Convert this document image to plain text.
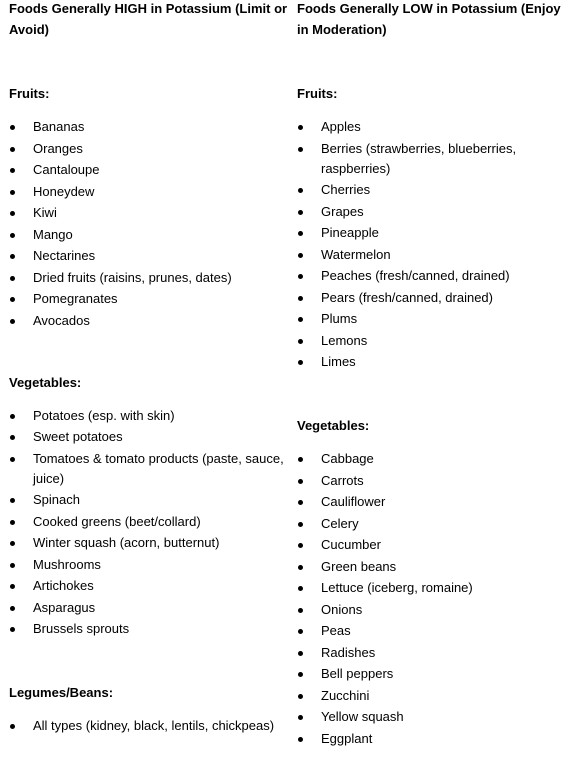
Foods Generally HIGH in Potassium (Limit or Avoid)
Fruits:
Bananas
Oranges
Cantaloupe
Honeydew
Kiwi
Mango
Nectarines
Dried fruits (raisins, prunes, dates)
Pomegranates
Avocados
Vegetables:
Potatoes (esp. with skin)
Sweet potatoes
Tomatoes & tomato products (paste, sauce, juice)
Spinach
Cooked greens (beet/collard)
Winter squash (acorn, butternut)
Mushrooms
Artichokes
Asparagus
Brussels sprouts
Legumes/Beans:
All types (kidney, black, lentils, chickpeas)
Foods Generally LOW in Potassium (Enjoy in Moderation)
Fruits:
Apples
Berries (strawberries, blueberries, raspberries)
Cherries
Grapes
Pineapple
Watermelon
Peaches (fresh/canned, drained)
Pears (fresh/canned, drained)
Plums
Lemons
Limes
Vegetables:
Cabbage
Carrots
Cauliflower
Celery
Cucumber
Green beans
Lettuce (iceberg, romaine)
Onions
Peas
Radishes
Bell peppers
Zucchini
Yellow squash
Eggplant
